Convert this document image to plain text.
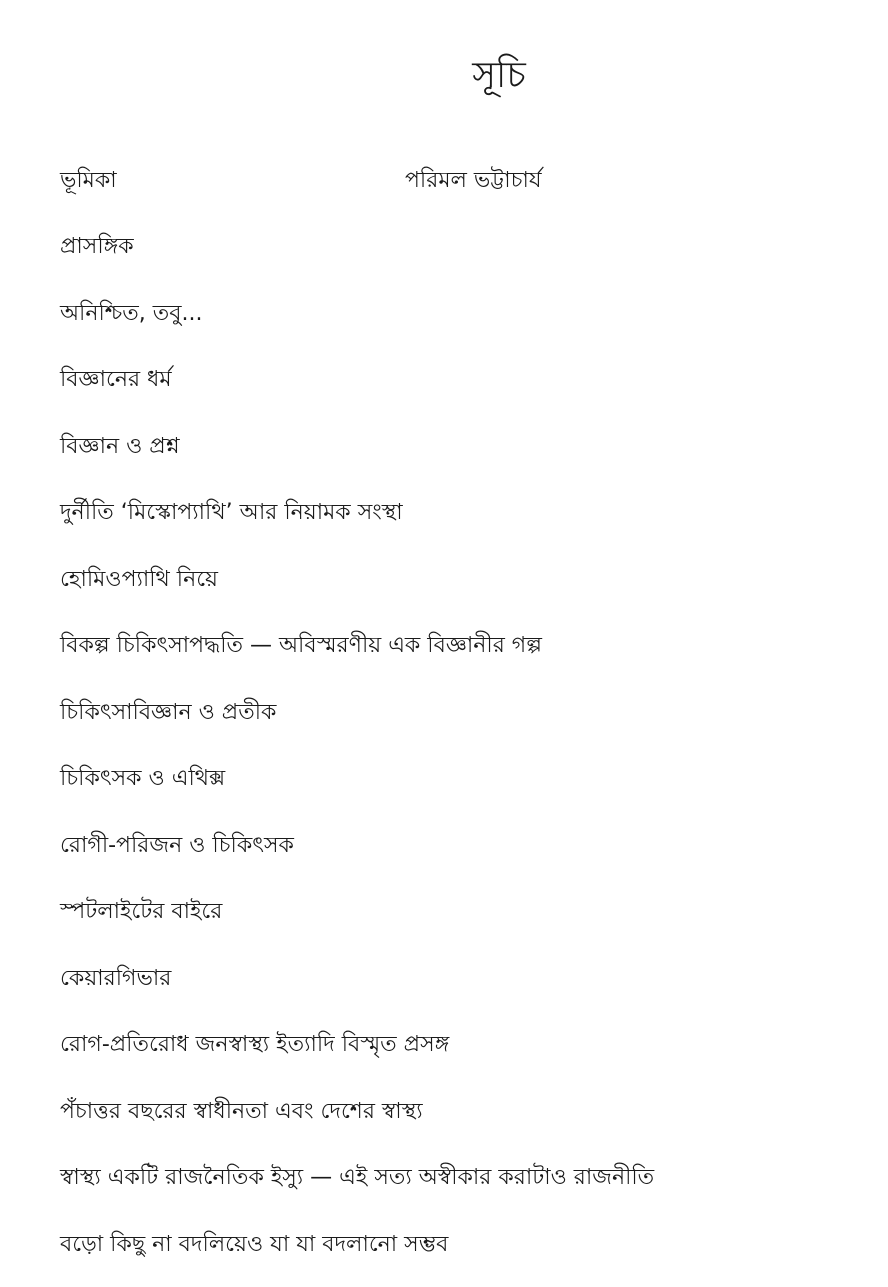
সূচি
ভূমিকা	পরিমল ভট্টাচার্য
প্রাসঙ্গিক
অনিশ্চিত, তবু...
বিজ্ঞানের ধর্ম
বিজ্ঞান ও প্রশ্ন
দুর্নীতি ‘মিস্কোপ্যাথি’ আর নিয়ামক সংস্থা
হোমিওপ্যাথি নিয়ে
বিকল্প চিকিৎসাপদ্ধতি — অবিস্মরণীয় এক বিজ্ঞানীর গল্প
চিকিৎসাবিজ্ঞান ও প্রতীক
চিকিৎসক ও এথিক্স
রোগী-পরিজন ও চিকিৎসক
স্পটলাইটের বাইরে
কেয়ারগিভার
রোগ-প্রতিরোধ জনস্বাস্থ্য ইত্যাদি বিস্মৃত প্রসঙ্গ
পঁচাত্তর বছরের স্বাধীনতা এবং দেশের স্বাস্থ্য
স্বাস্থ্য একটি রাজনৈতিক ইস্যু — এই সত্য অস্বীকার করাটাও রাজনীতি
বড়ো কিছু না বদলিয়েও যা যা বদলানো সম্ভব
